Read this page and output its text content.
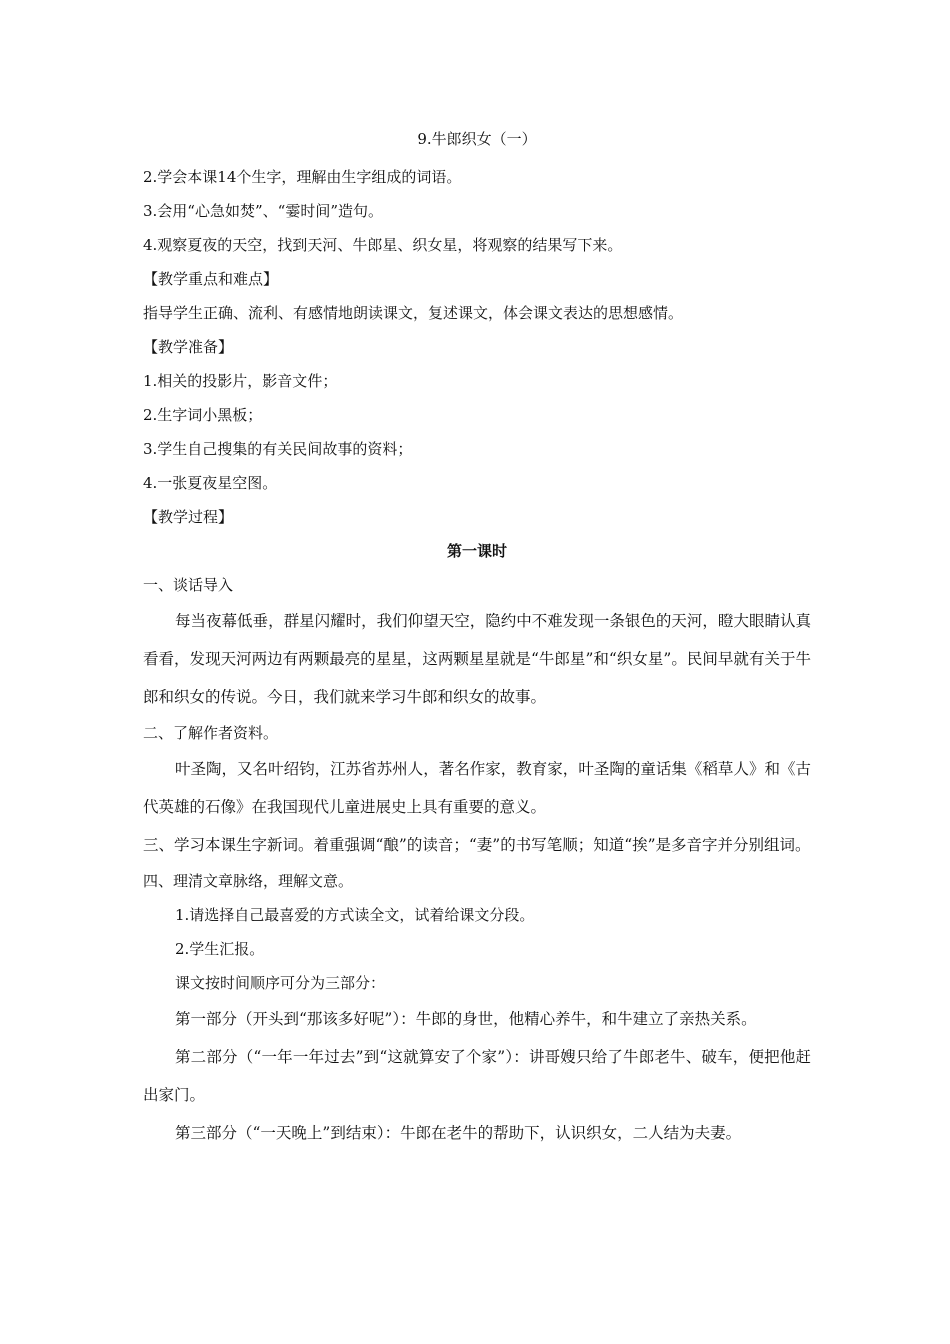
9.牛郎织女（一）

2.学会本课14个生字，理解由生字组成的词语。

3.会用“心急如焚”、“霎时间”造句。

4.观察夏夜的天空，找到天河、牛郎星、织女星，将观察的结果写下来。

【教学重点和难点】

指导学生正确、流利、有感情地朗读课文，复述课文，体会课文表达的思想感情。

【教学准备】

1.相关的投影片，影音文件；

2.生字词小黑板；

3.学生自己搜集的有关民间故事的资料；

4.一张夏夜星空图。

【教学过程】

第一课时

一、谈话导入

每当夜幕低垂，群星闪耀时，我们仰望天空，隐约中不难发现一条银色的天河，瞪大眼睛认真看看，发现天河两边有两颗最亮的星星，这两颗星星就是“牛郎星”和“织女星”。民间早就有关于牛郎和织女的传说。今日，我们就来学习牛郎和织女的故事。

二、了解作者资料。

叶圣陶，又名叶绍钧，江苏省苏州人，著名作家，教育家，叶圣陶的童话集《稻草人》和《古代英雄的石像》在我国现代儿童进展史上具有重要的意义。

三、学习本课生字新词。着重强调“酿”的读音；“妻”的书写笔顺；知道“挨”是多音字并分别组词。

四、理清文章脉络，理解文意。

1.请选择自己最喜爱的方式读全文，试着给课文分段。

2.学生汇报。

课文按时间顺序可分为三部分：

第一部分（开头到“那该多好呢”）：牛郎的身世，他精心养牛，和牛建立了亲热关系。

第二部分（“一年一年过去”到“这就算安了个家”）：讲哥嫂只给了牛郎老牛、破车，便把他赶出家门。

第三部分（“一天晚上”到结束）：牛郎在老牛的帮助下，认识织女，二人结为夫妻。
